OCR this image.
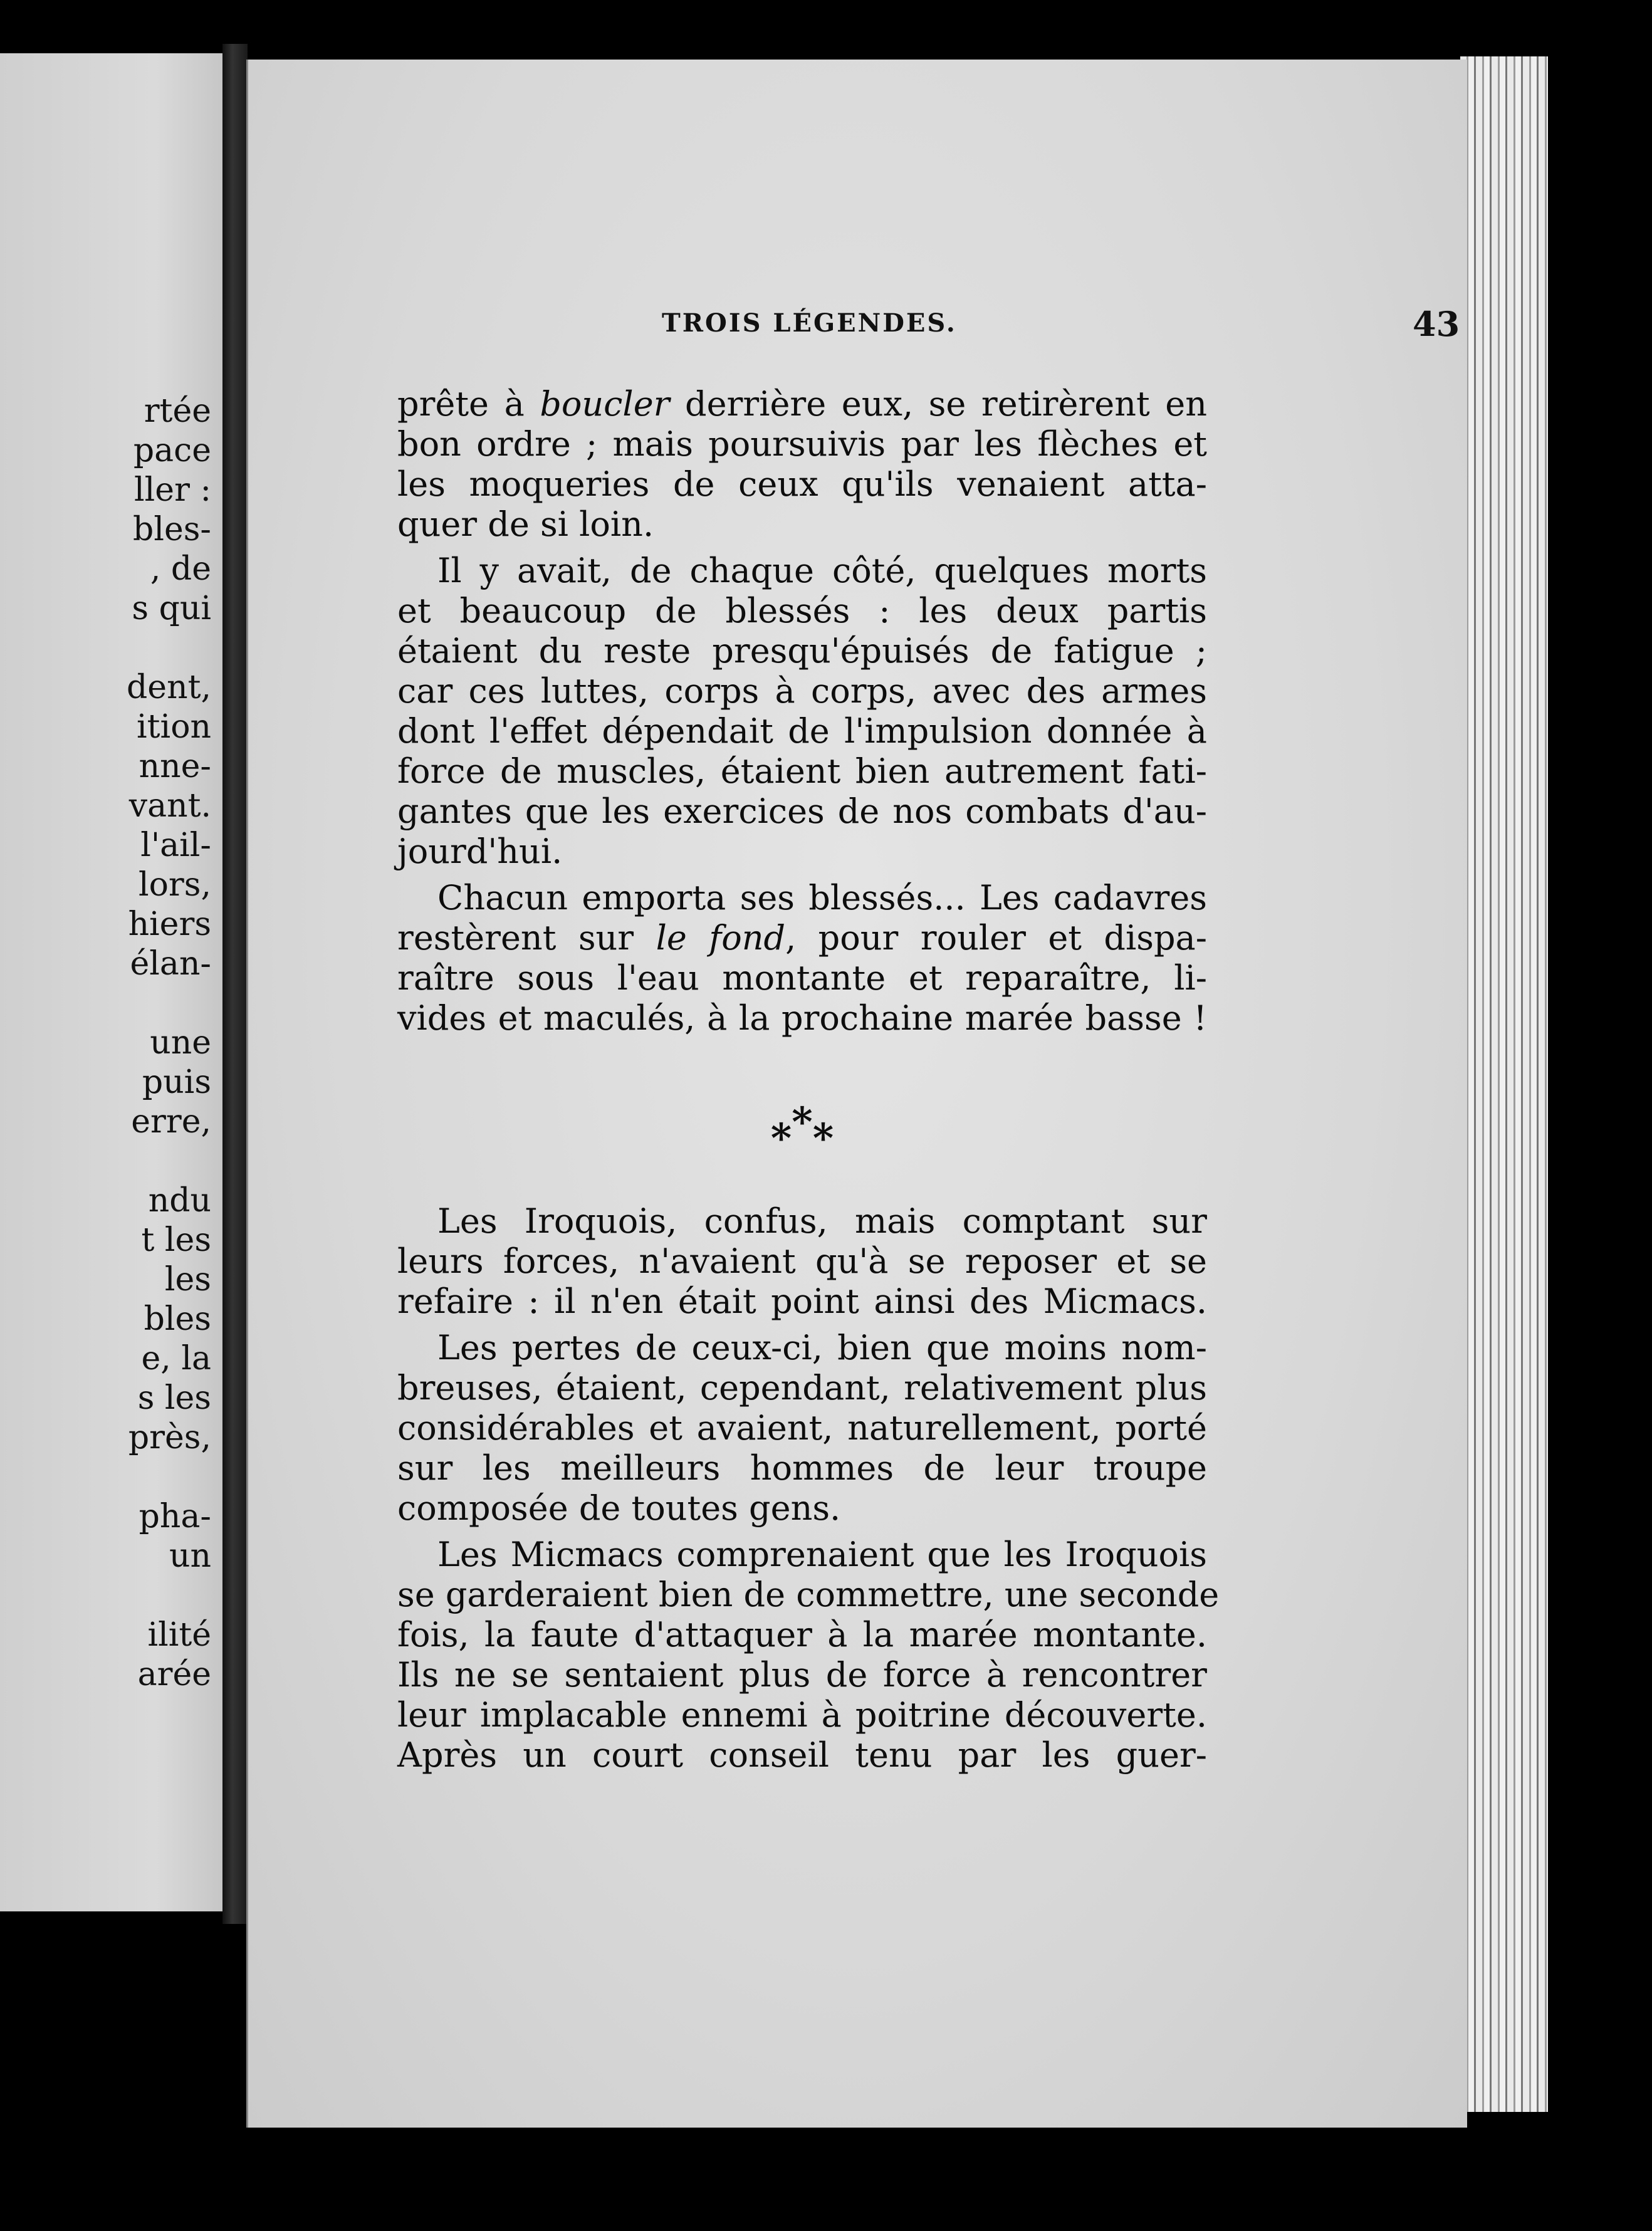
rtée
pace
ller :
bles-
, de
s qui
dent,
ition
nne-
vant.
l'ail-
lors,
hiers
élan-
une
puis
erre,
ndu
t les
les
bles
e, la
s les
près,
pha-
un
ilité
arée
TROIS LÉGENDES.	43
prête à boucler derrière eux, se retirèrent en
bon ordre ; mais poursuivis par les flèches et
les moqueries de ceux qu'ils venaient atta-
quer de si loin.
Il y avait, de chaque côté, quelques morts
et beaucoup de blessés : les deux partis
étaient du reste presqu'épuisés de fatigue ;
car ces luttes, corps à corps, avec des armes
dont l'effet dépendait de l'impulsion donnée à
force de muscles, étaient bien autrement fati-
gantes que les exercices de nos combats d'au-
jourd'hui.
Chacun emporta ses blessés... Les cadavres
restèrent sur le fond, pour rouler et dispa-
raître sous l'eau montante et reparaître, li-
vides et maculés, à la prochaine marée basse !
***
Les Iroquois, confus, mais comptant sur
leurs forces, n'avaient qu'à se reposer et se
refaire : il n'en était point ainsi des Micmacs.
Les pertes de ceux-ci, bien que moins nom-
breuses, étaient, cependant, relativement plus
considérables et avaient, naturellement, porté
sur les meilleurs hommes de leur troupe
composée de toutes gens.
Les Micmacs comprenaient que les Iroquois
se garderaient bien de commettre, une seconde
fois, la faute d'attaquer à la marée montante.
Ils ne se sentaient plus de force à rencontrer
leur implacable ennemi à poitrine découverte.
Après un court conseil tenu par les guer-
